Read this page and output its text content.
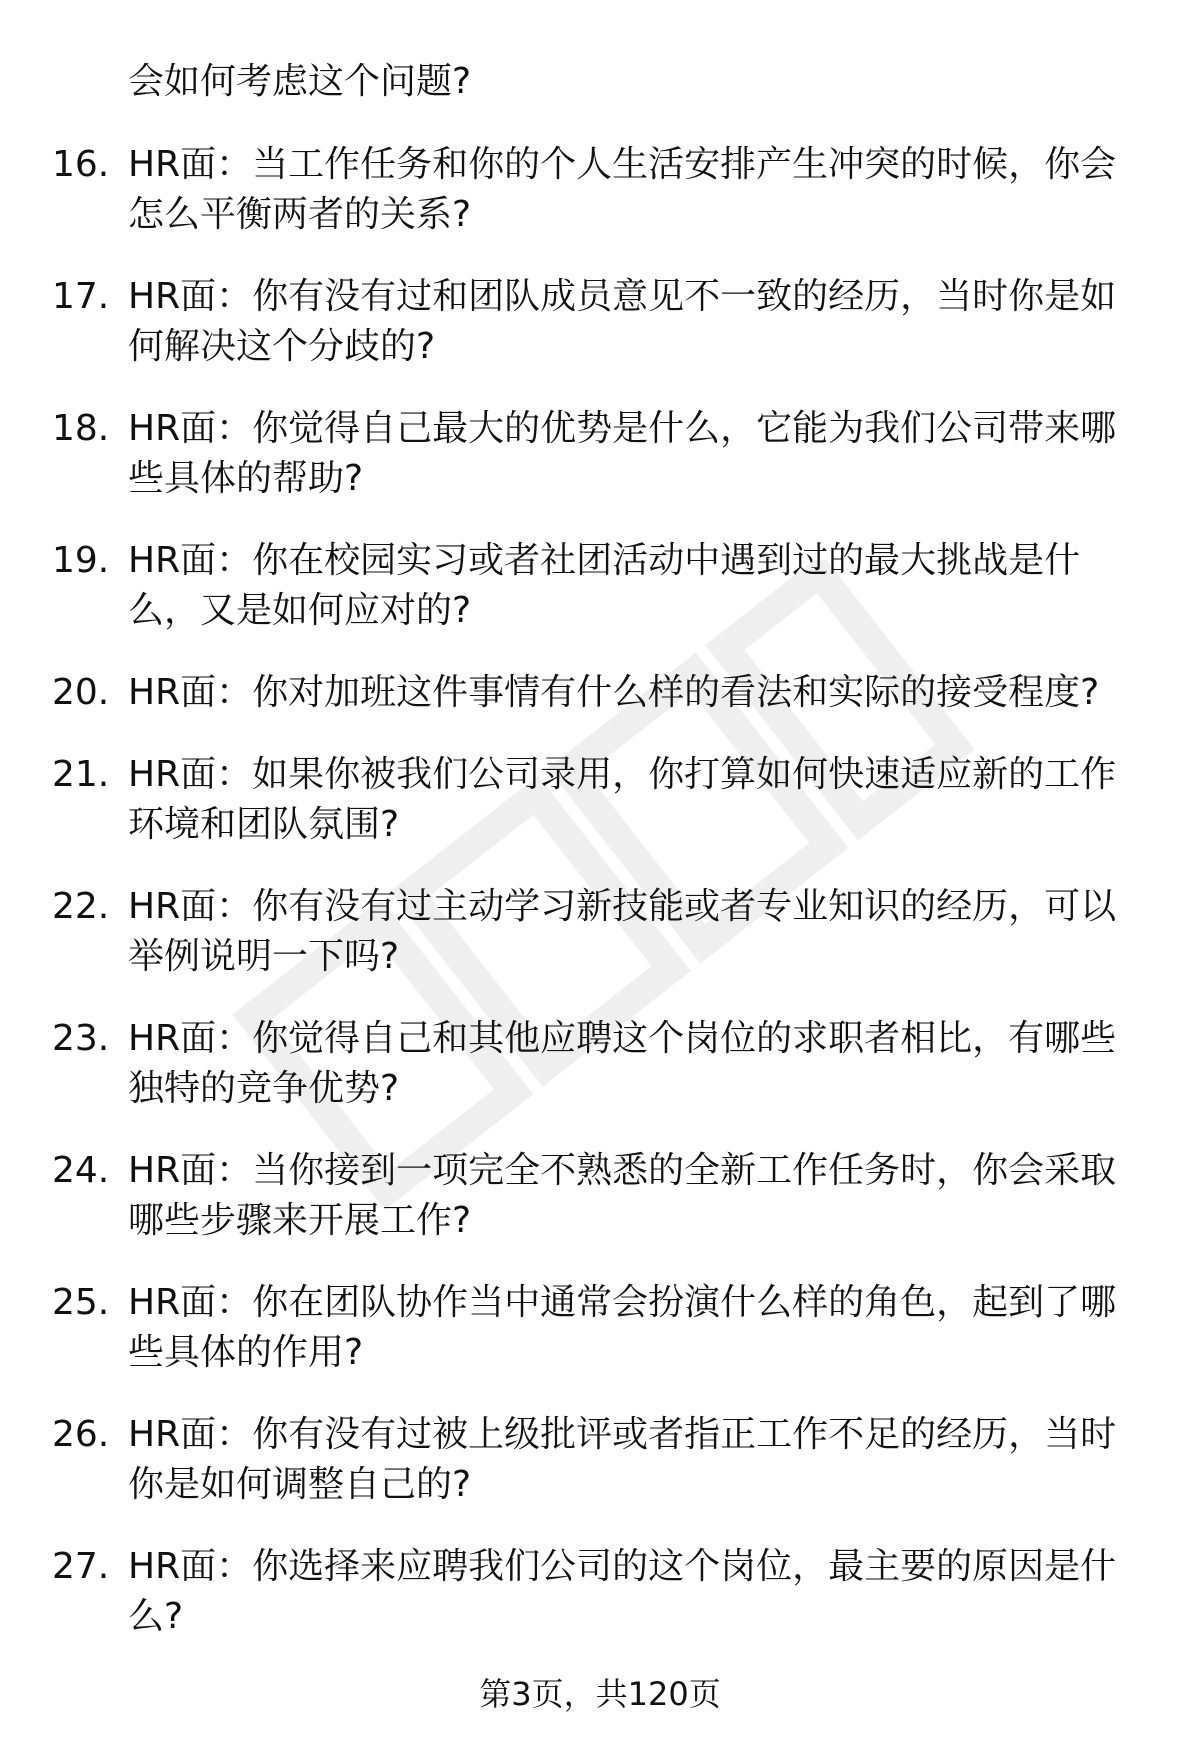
会如何考虑这个问题?
16. HR面：当工作任务和你的个人生活安排产生冲突的时候，你会怎么平衡两者的关系?
17. HR面：你有没有过和团队成员意见不一致的经历，当时你是如何解决这个分歧的?
18. HR面：你觉得自己最大的优势是什么，它能为我们公司带来哪些具体的帮助?
19. HR面：你在校园实习或者社团活动中遇到过的最大挑战是什么，又是如何应对的?
20. HR面：你对加班这件事情有什么样的看法和实际的接受程度?
21. HR面：如果你被我们公司录用，你打算如何快速适应新的工作环境和团队氛围?
22. HR面：你有没有过主动学习新技能或者专业知识的经历，可以举例说明一下吗?
23. HR面：你觉得自己和其他应聘这个岗位的求职者相比，有哪些独特的竞争优势?
24. HR面：当你接到一项完全不熟悉的全新工作任务时，你会采取哪些步骤来开展工作?
25. HR面：你在团队协作当中通常会扮演什么样的角色，起到了哪些具体的作用?
26. HR面：你有没有过被上级批评或者指正工作不足的经历，当时你是如何调整自己的?
27. HR面：你选择来应聘我们公司的这个岗位，最主要的原因是什么?
第3页，共120页
